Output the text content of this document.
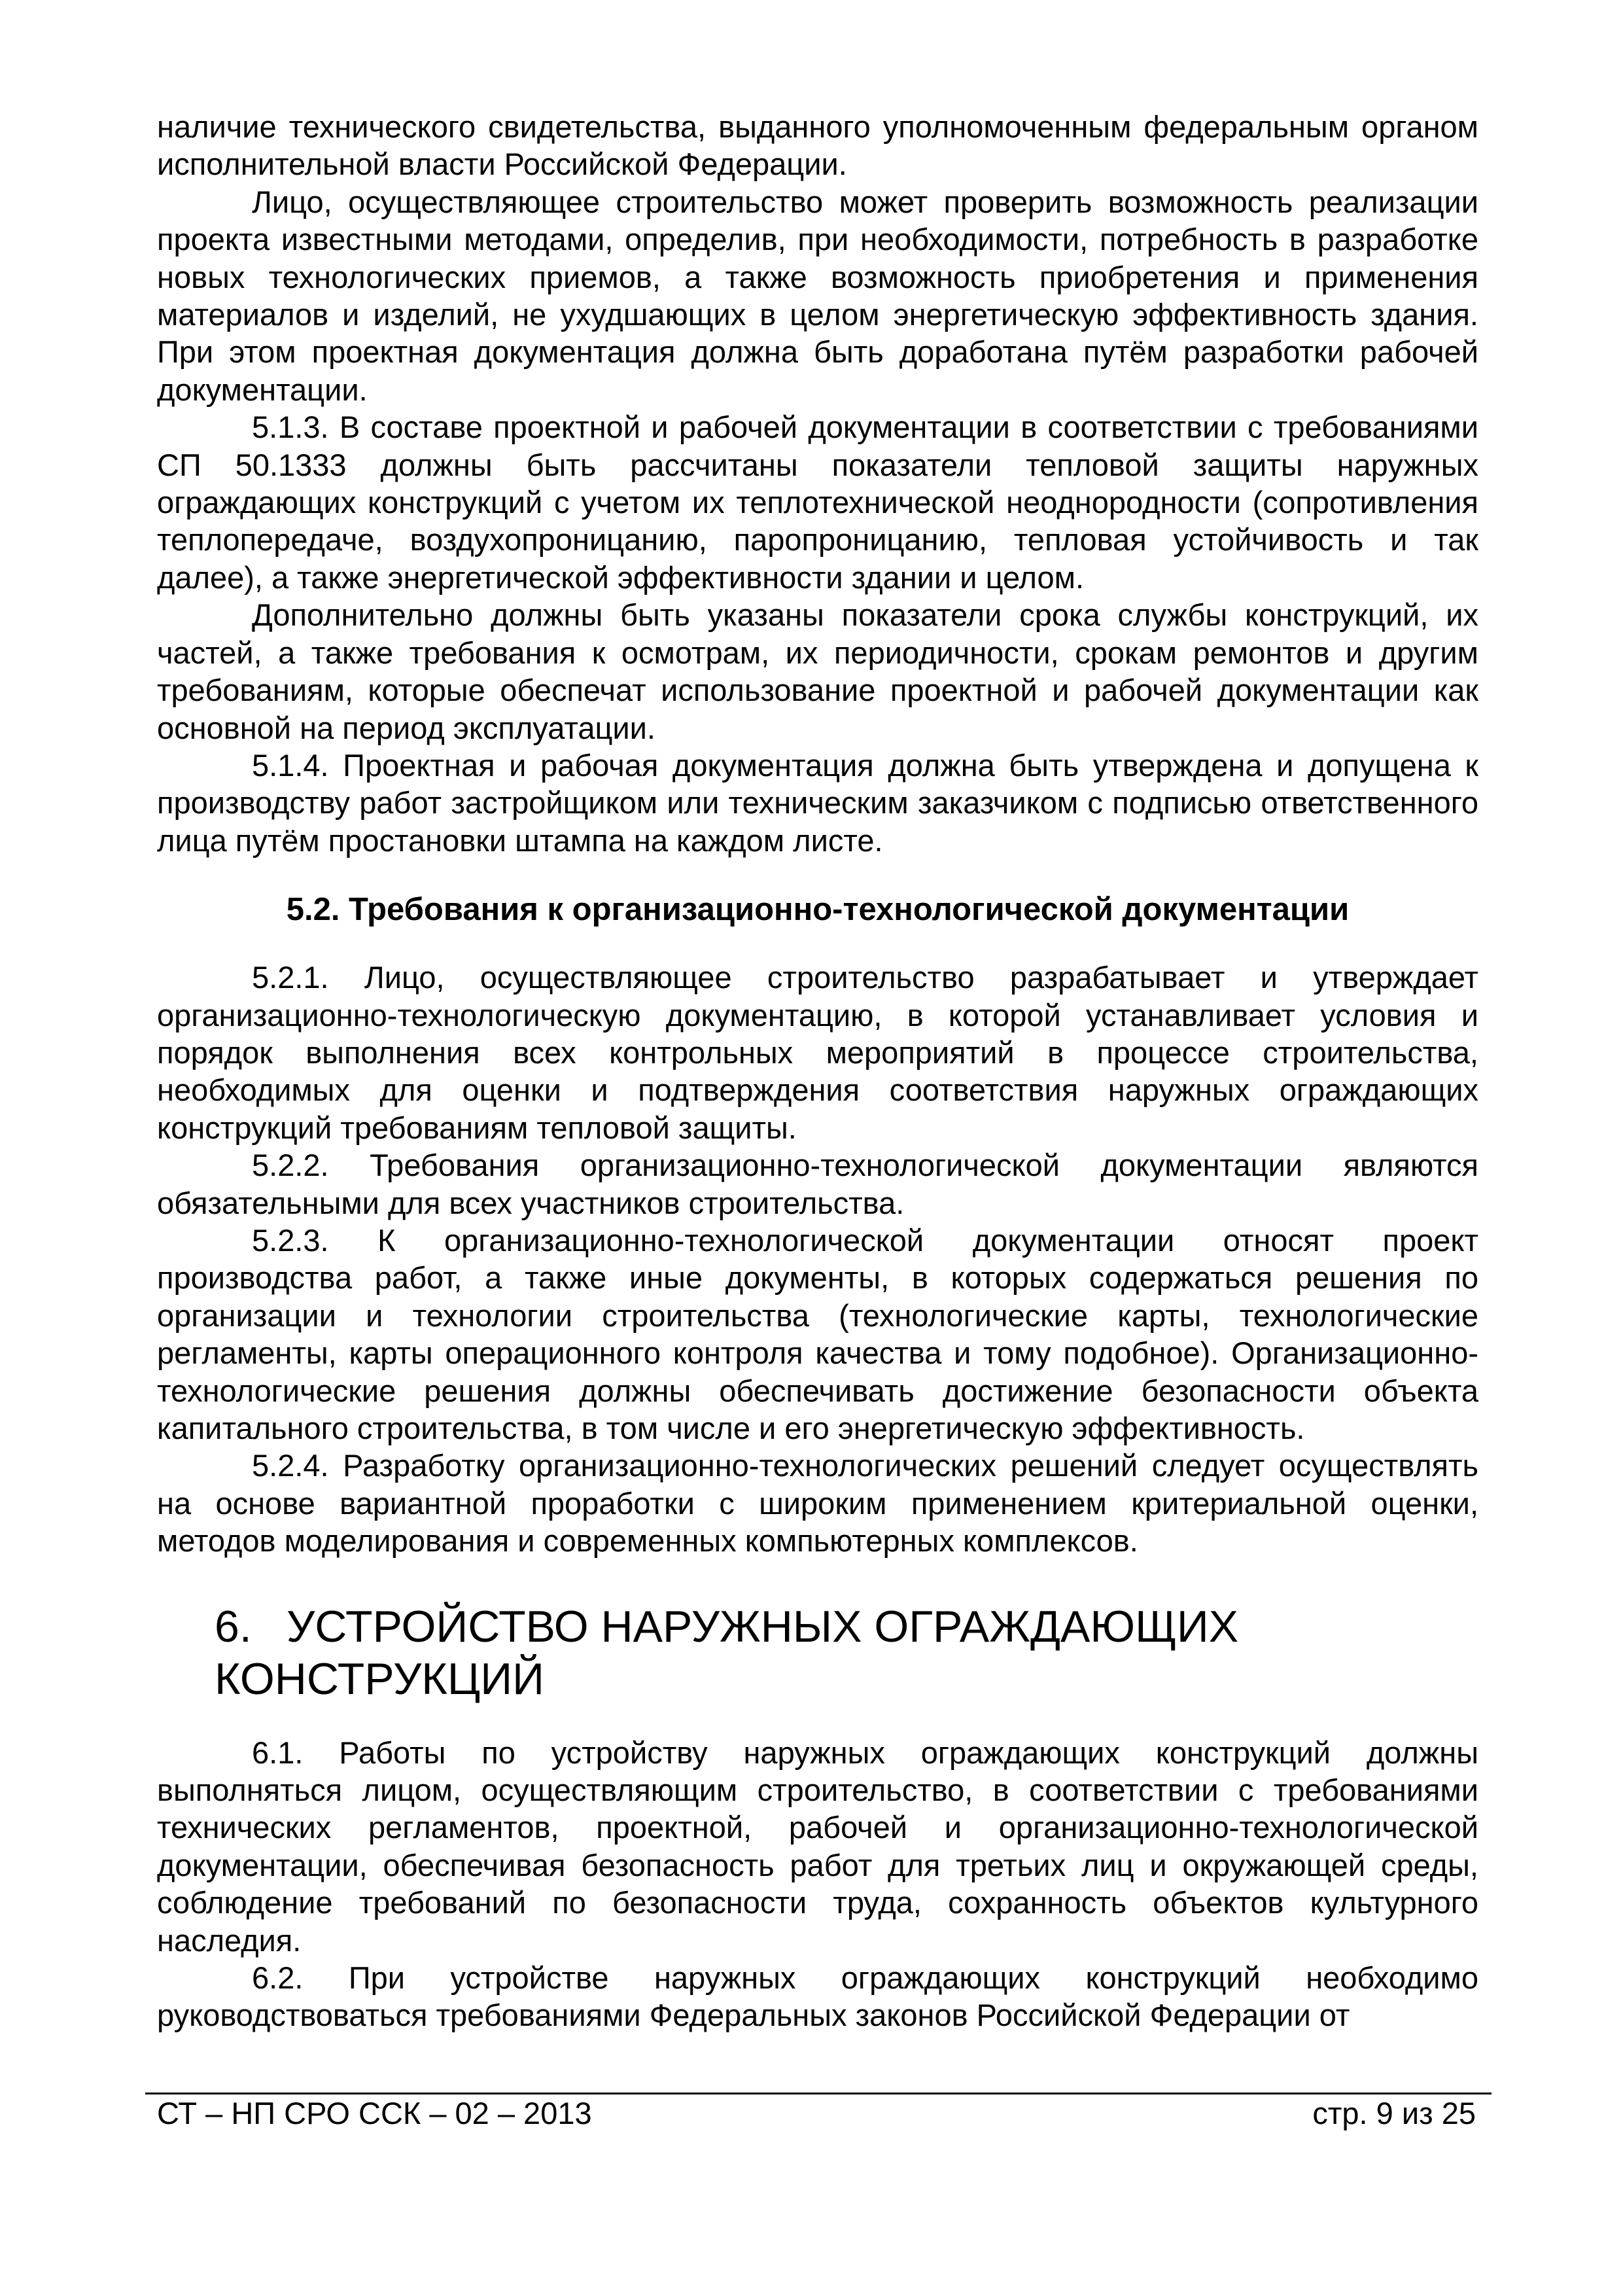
наличие технического свидетельства, выданного уполномоченным федеральным органом исполнительной власти Российской Федерации.

Лицо, осуществляющее строительство может проверить возможность реализации проекта известными методами, определив, при необходимости, потребность в разработке новых технологических приемов, а также возможность приобретения и применения материалов и изделий, не ухудшающих в целом энергетическую эффективность здания. При этом проектная документация должна быть доработана путём разработки рабочей документации.

5.1.3. В составе проектной и рабочей документации в соответствии с требованиями СП 50.1333 должны быть рассчитаны показатели тепловой защиты наружных ограждающих конструкций с учетом их теплотехнической неоднородности (сопротивления теплопередаче, воздухопроницанию, паропроницанию, тепловая устойчивость и так далее), а также энергетической эффективности здании и целом.

Дополнительно должны быть указаны показатели срока службы конструкций, их частей, а также требования к осмотрам, их периодичности, срокам ремонтов и другим требованиям, которые обеспечат использование проектной и рабочей документации как основной на период эксплуатации.

5.1.4. Проектная и рабочая документация должна быть утверждена и допущена к производству работ застройщиком или техническим заказчиком с подписью ответственного лица путём простановки штампа на каждом листе.

5.2. Требования к организационно-технологической документации

5.2.1. Лицо, осуществляющее строительство разрабатывает и утверждает организационно-технологическую документацию, в которой устанавливает условия и порядок выполнения всех контрольных мероприятий в процессе строительства, необходимых для оценки и подтверждения соответствия наружных ограждающих конструкций требованиям тепловой защиты.

5.2.2. Требования организационно-технологической документации являются обязательными для всех участников строительства.

5.2.3. К организационно-технологической документации относят проект производства работ, а также иные документы, в которых содержаться решения по организации и технологии строительства (технологические карты, технологические регламенты, карты операционного контроля качества и тому подобное). Организационно-технологические решения должны обеспечивать достижение безопасности объекта капитального строительства, в том числе и его энергетическую эффективность.

5.2.4. Разработку организационно-технологических решений следует осуществлять на основе вариантной проработки с широким применением критериальной оценки, методов моделирования и современных компьютерных комплексов.

6. УСТРОЙСТВО НАРУЖНЫХ ОГРАЖДАЮЩИХ КОНСТРУКЦИЙ

6.1. Работы по устройству наружных ограждающих конструкций должны выполняться лицом, осуществляющим строительство, в соответствии с требованиями технических регламентов, проектной, рабочей и организационно-технологической документации, обеспечивая безопасность работ для третьих лиц и окружающей среды, соблюдение требований по безопасности труда, сохранность объектов культурного наследия.

6.2. При устройстве наружных ограждающих конструкций необходимо руководствоваться требованиями Федеральных законов Российской Федерации от

СТ – НП СРО ССК – 02 – 2013	стр. 9 из 25
